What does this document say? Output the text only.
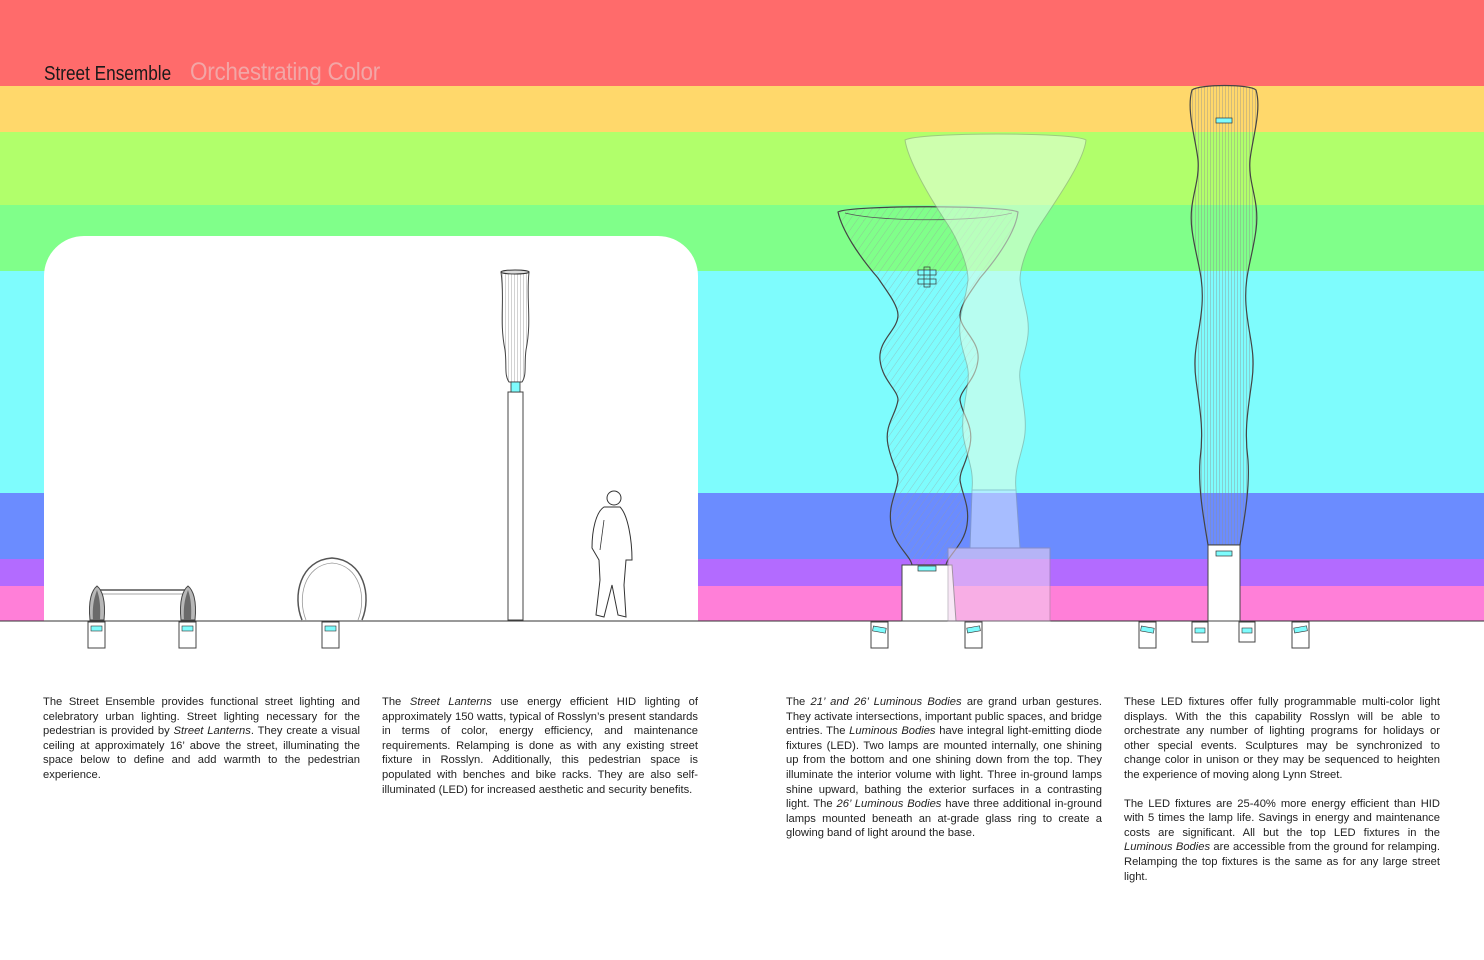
Street Ensemble Orchestrating Color

The Street Ensemble provides functional street lighting and celebratory urban lighting. Street lighting necessary for the pedestrian is provided by Street Lanterns. They create a visual ceiling at approximately 16’ above the street, illuminating the space below to define and add warmth to the pedestrian experience.

The Street Lanterns use energy efficient HID lighting of approximately 150 watts, typical of Rosslyn’s present standards in terms of color, energy efficiency, and maintenance requirements. Relamping is done as with any existing street fixture in Rosslyn. Additionally, this pedestrian space is populated with benches and bike racks. They are also self-illuminated (LED) for increased aesthetic and security benefits.

The 21’ and 26’ Luminous Bodies are grand urban gestures. They activate intersections, important public spaces, and bridge entries. The Luminous Bodies have integral light-emitting diode fixtures (LED). Two lamps are mounted internally, one shining up from the bottom and one shining down from the top. They illuminate the interior volume with light. Three in-ground lamps shine upward, bathing the exterior surfaces in a contrasting light. The 26’ Luminous Bodies have three additional in-ground lamps mounted beneath an at-grade glass ring to create a glowing band of light around the base.

These LED fixtures offer fully programmable multi-color light displays. With the this capability Rosslyn will be able to orchestrate any number of lighting programs for holidays or other special events. Sculptures may be synchronized to change color in unison or they may be sequenced to heighten the experience of moving along Lynn Street.

The LED fixtures are 25-40% more energy efficient than HID with 5 times the lamp life. Savings in energy and maintenance costs are significant. All but the top LED fixtures in the Luminous Bodies are accessible from the ground for relamping. Relamping the top fixtures is the same as for any large street light.
